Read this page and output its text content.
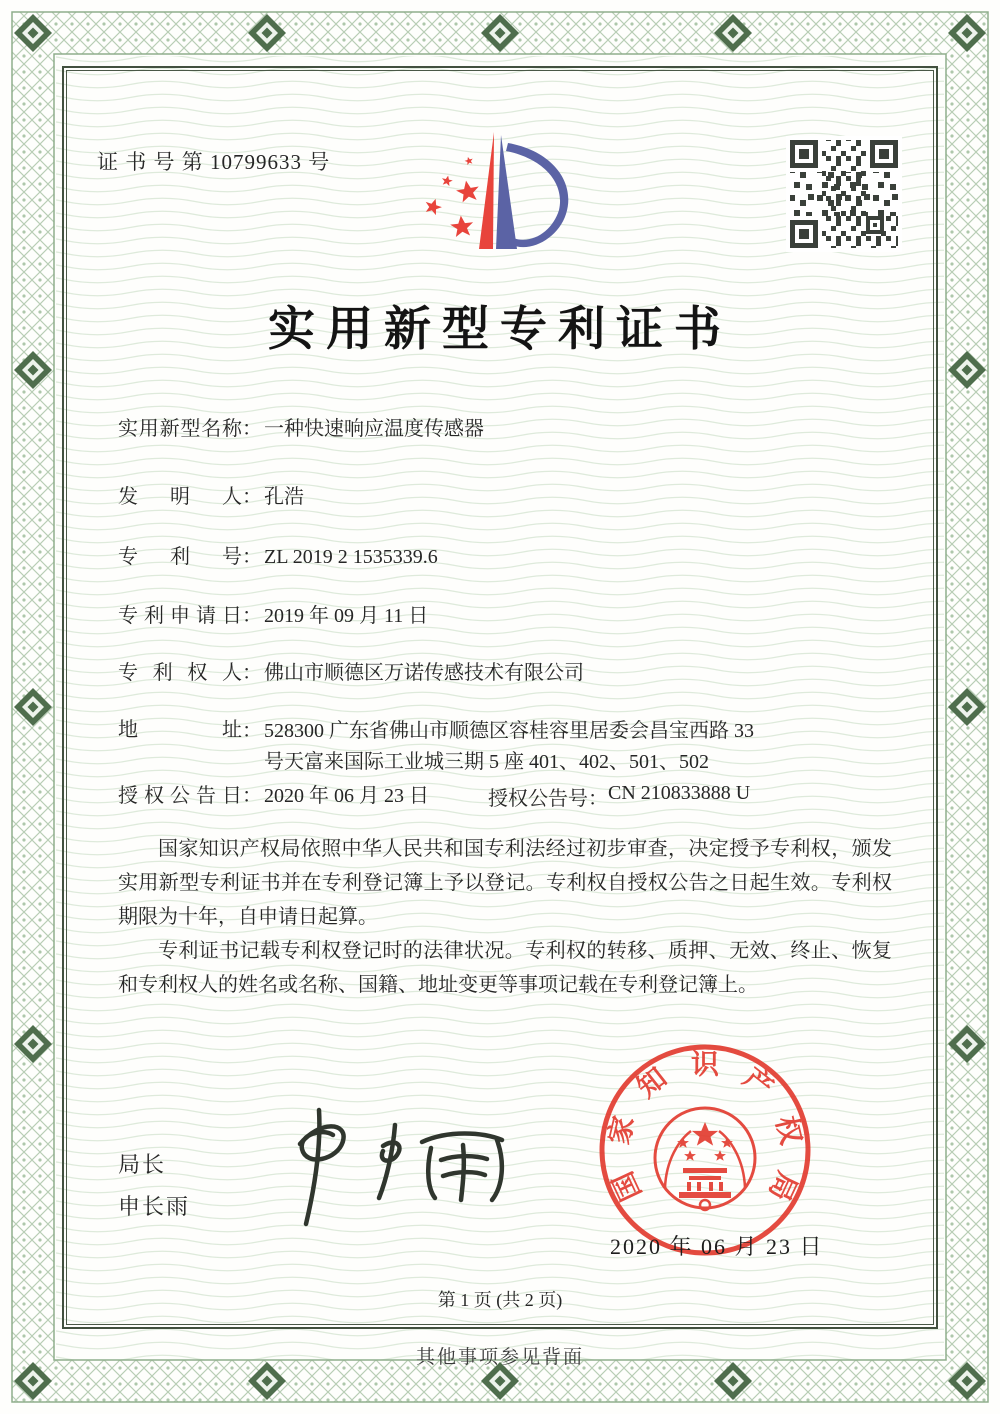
证 书 号 第 10799633 号
实用新型专利证书
实用新型名称 ： 一种快速响应温度传感器
发明人 ： 孔浩
专利号 ： ZL 2019 2 1535339.6
专利申请日 ： 2019 年 09 月 11 日
专利权人 ： 佛山市顺德区万诺传感技术有限公司
地址 ： 528300 广东省佛山市顺德区容桂容里居委会昌宝西路 33
号天富来国际工业城三期 5 座 401、402、501、502
授权公告日 ： 2020 年 06 月 23 日	授权公告号 ： CN 210833888 U

国家知识产权局依照中华人民共和国专利法经过初步审查，决定授予专利权，颁发实用新型专利证书并在专利登记簿上予以登记。专利权自授权公告之日起生效。专利权期限为十年，自申请日起算。

专利证书记载专利权登记时的法律状况。专利权的转移、质押、无效、终止、恢复和专利权人的姓名或名称、国籍、地址变更等事项记载在专利登记簿上。

局长
申长雨
国
家
知 识 产
权
局
2020 年 06 月 23 日
第 1 页 (共 2 页)
其他事项参见背面
